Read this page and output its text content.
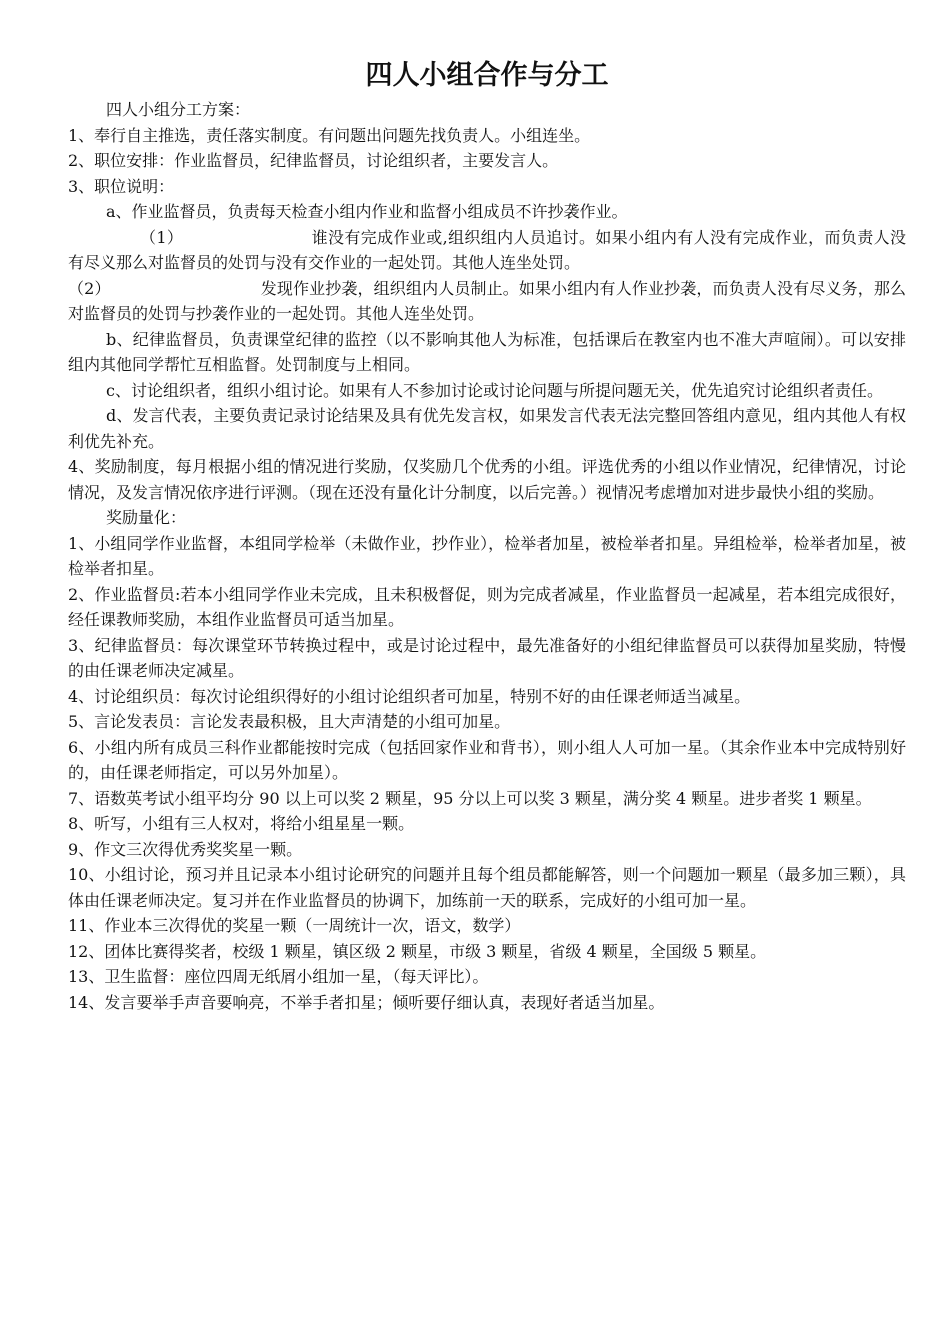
四人小组合作与分工

四人小组分工方案：

1、奉行自主推选，责任落实制度。有问题出问题先找负责人。小组连坐。

2、职位安排：作业监督员，纪律监督员，讨论组织者，主要发言人。

3、职位说明：

a、作业监督员，负责每天检查小组内作业和监督小组成员不许抄袭作业。

（1）	谁没有完成作业或,组织组内人员追讨。如果小组内有人没有完成作业，而负责人没有尽义那么对监督员的处罚与没有交作业的一起处罚。其他人连坐处罚。

（2）	发现作业抄袭，组织组内人员制止。如果小组内有人作业抄袭，而负责人没有尽义务，那么对监督员的处罚与抄袭作业的一起处罚。其他人连坐处罚。

b、纪律监督员，负责课堂纪律的监控（以不影响其他人为标准，包括课后在教室内也不准大声喧闹）。可以安排组内其他同学帮忙互相监督。处罚制度与上相同。

c、讨论组织者，组织小组讨论。如果有人不参加讨论或讨论问题与所提问题无关，优先追究讨论组织者责任。

d、发言代表，主要负责记录讨论结果及具有优先发言权，如果发言代表无法完整回答组内意见，组内其他人有权利优先补充。

4、奖励制度，每月根据小组的情况进行奖励，仅奖励几个优秀的小组。评选优秀的小组以作业情况，纪律情况，讨论情况，及发言情况依序进行评测。（现在还没有量化计分制度，以后完善。）视情况考虑增加对进步最快小组的奖励。

奖励量化：

1、小组同学作业监督，本组同学检举（未做作业，抄作业），检举者加星，被检举者扣星。异组检举，检举者加星，被检举者扣星。

2、作业监督员:若本小组同学作业未完成，且未积极督促，则为完成者减星，作业监督员一起减星，若本组完成很好，经任课教师奖励，本组作业监督员可适当加星。

3、纪律监督员：每次课堂环节转换过程中，或是讨论过程中，最先准备好的小组纪律监督员可以获得加星奖励，特慢的由任课老师决定减星。

4、讨论组织员：每次讨论组织得好的小组讨论组织者可加星，特别不好的由任课老师适当减星。

5、言论发表员：言论发表最积极，且大声清楚的小组可加星。

6、小组内所有成员三科作业都能按时完成（包括回家作业和背书），则小组人人可加一星。（其余作业本中完成特别好的，由任课老师指定，可以另外加星）。

7、语数英考试小组平均分 90 以上可以奖 2 颗星，95 分以上可以奖 3 颗星，满分奖 4 颗星。进步者奖 1 颗星。

8、听写，小组有三人权对，将给小组星星一颗。

9、作文三次得优秀奖奖星一颗。

10、小组讨论，预习并且记录本小组讨论研究的问题并且每个组员都能解答，则一个问题加一颗星（最多加三颗），具体由任课老师决定。复习并在作业监督员的协调下，加练前一天的联系，完成好的小组可加一星。

11、作业本三次得优的奖星一颗（一周统计一次，语文，数学）

12、团体比赛得奖者，校级 1 颗星，镇区级 2 颗星，市级 3 颗星，省级 4 颗星，全国级 5 颗星。

13、卫生监督：座位四周无纸屑小组加一星，（每天评比）。

14、发言要举手声音要响亮，不举手者扣星；倾听要仔细认真，表现好者适当加星。
